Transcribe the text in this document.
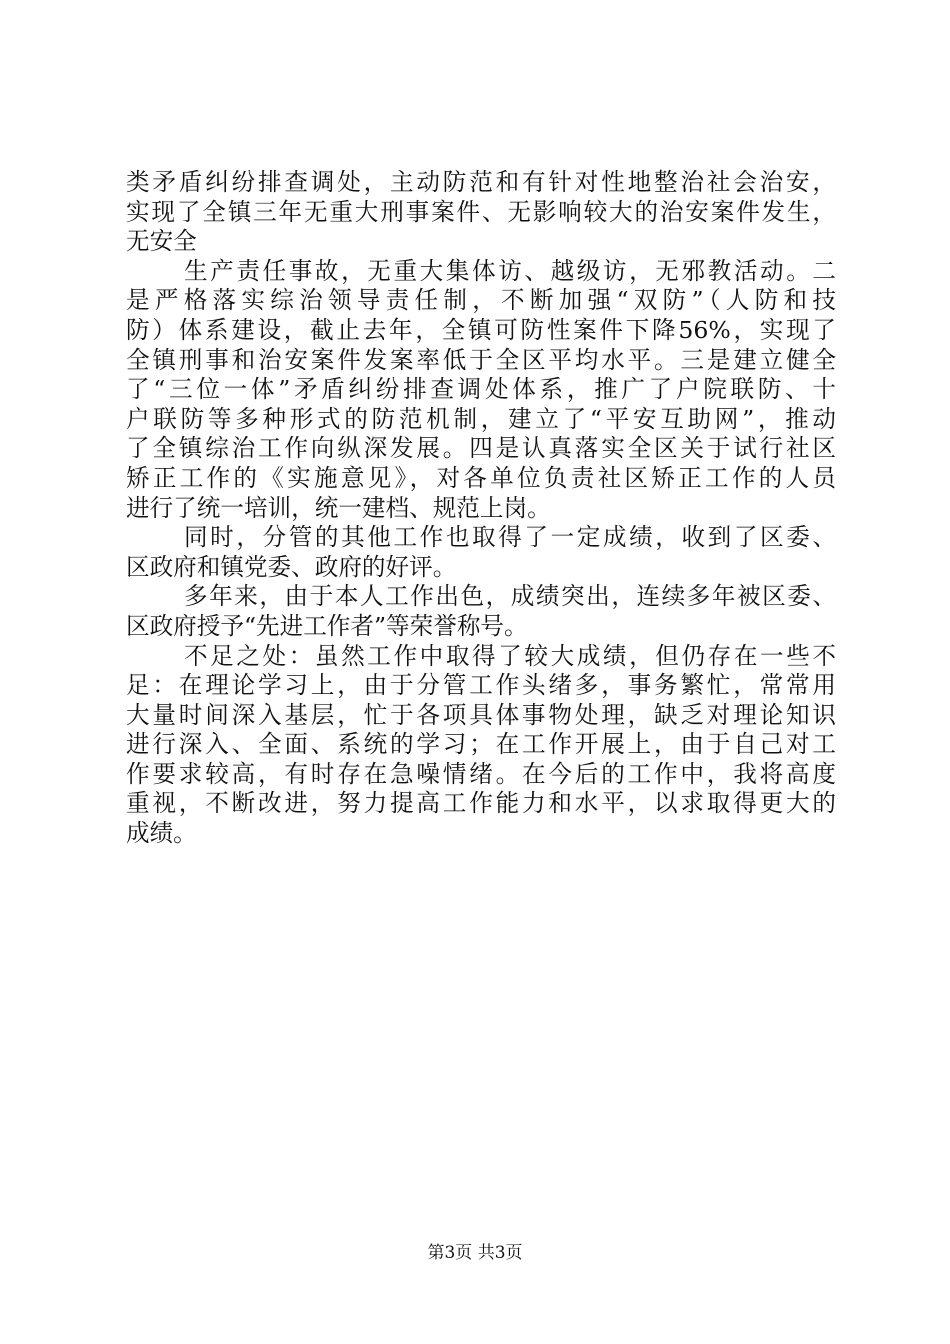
类矛盾纠纷排查调处，主动防范和有针对性地整治社会治安，
实现了全镇三年无重大刑事案件、无影响较大的治安案件发生，
无安全
生产责任事故，无重大集体访、越级访，无邪教活动。二
是严格落实综治领导责任制，不断加强“双防”（人防和技
防）体系建设，截止去年，全镇可防性案件下降56%，实现了
全镇刑事和治安案件发案率低于全区平均水平。三是建立健全
了“三位一体”矛盾纠纷排查调处体系，推广了户院联防、十
户联防等多种形式的防范机制，建立了“平安互助网”，推动
了全镇综治工作向纵深发展。四是认真落实全区关于试行社区
矫正工作的《实施意见》，对各单位负责社区矫正工作的人员
进行了统一培训，统一建档、规范上岗。
同时，分管的其他工作也取得了一定成绩，收到了区委、
区政府和镇党委、政府的好评。
多年来，由于本人工作出色，成绩突出，连续多年被区委、
区政府授予“先进工作者”等荣誉称号。
不足之处：虽然工作中取得了较大成绩，但仍存在一些不
足：在理论学习上，由于分管工作头绪多，事务繁忙，常常用
大量时间深入基层，忙于各项具体事物处理，缺乏对理论知识
进行深入、全面、系统的学习；在工作开展上，由于自己对工
作要求较高，有时存在急噪情绪。在今后的工作中，我将高度
重视，不断改进，努力提高工作能力和水平，以求取得更大的
成绩。
第3页 共3页
